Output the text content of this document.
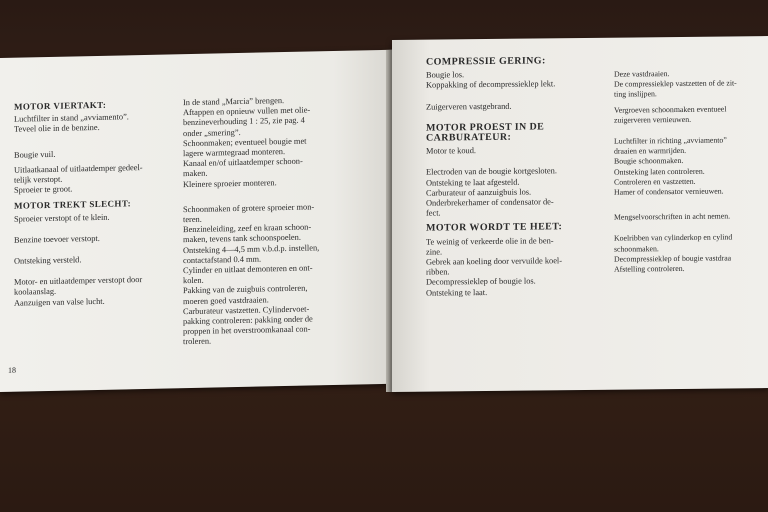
MOTOR VIERTAKT:

Luchtfilter in stand „avviamento”.

Teveel olie in de benzine.

Bougie vuil.

Uitlaatkanaal of uitlaatdemper gedeel-
telijk verstopt.

Sproeier te groot.

MOTOR TREKT SLECHT:

Sproeier verstopt of te klein.

Benzine toevoer verstopt.

Ontsteking versteld.

Motor- en uitlaatdemper verstopt door
koolaanslag.

Aanzuigen van valse lucht.

In de stand „Marcia” brengen.
Aftappen en opnieuw vullen met olie-
benzineverhouding 1 : 25, zie pag. 4
onder „smering”.

Schoonmaken; eventueel bougie met
lagere warmtegraad monteren.

Kanaal en/of uitlaatdemper schoon-
maken.

Kleinere sproeier monteren.

Schoonmaken of grotere sproeier mon-
teren.

Benzineleiding, zeef en kraan schoon-
maken, tevens tank schoonspoelen.

Ontsteking 4—4,5 mm v.b.d.p. instellen,
contactafstand 0.4 mm.

Cylinder en uitlaat demonteren en ont-
kolen.

Pakking van de zuigbuis controleren,
moeren goed vastdraaien.

Carburateur vastzetten. Cylindervoet-
pakking controleren: pakking onder de
proppen in het overstroomkanaal con-
troleren.

18
COMPRESSIE GERING:

Bougie los.

Koppakking of decompressieklep lekt.

Zuigerveren vastgebrand.

MOTOR PROEST IN DE CARBURATEUR:

Motor te koud.

Electroden van de bougie kortgesloten.

Ontsteking te laat afgesteld.

Carburateur of aanzuigbuis los.

Onderbrekerhamer of condensator de-
fect.

MOTOR WORDT TE HEET:

Te weinig of verkeerde olie in de ben-
zine.

Gebrek aan koeling door vervuilde koel-
ribben.

Decompressieklep of bougie los.

Ontsteking te laat.

Deze vastdraaien.

De compressieklep vastzetten of de zit-
ting inslijpen.

Vergroeven schoonmaken eventueel
zuigerveren vernieuwen.

Luchtfilter in richting „avviamento”
draaien en warmrijden.

Bougie schoonmaken.

Ontsteking laten controleren.

Controleren en vastzetten.

Hamer of condensator vernieuwen.

Mengselvoorschriften in acht nemen.

Koelribben van cylinderkop en cylind
schoonmaken.

Decompressieklep of bougie vastdraa

Afstelling controleren.
